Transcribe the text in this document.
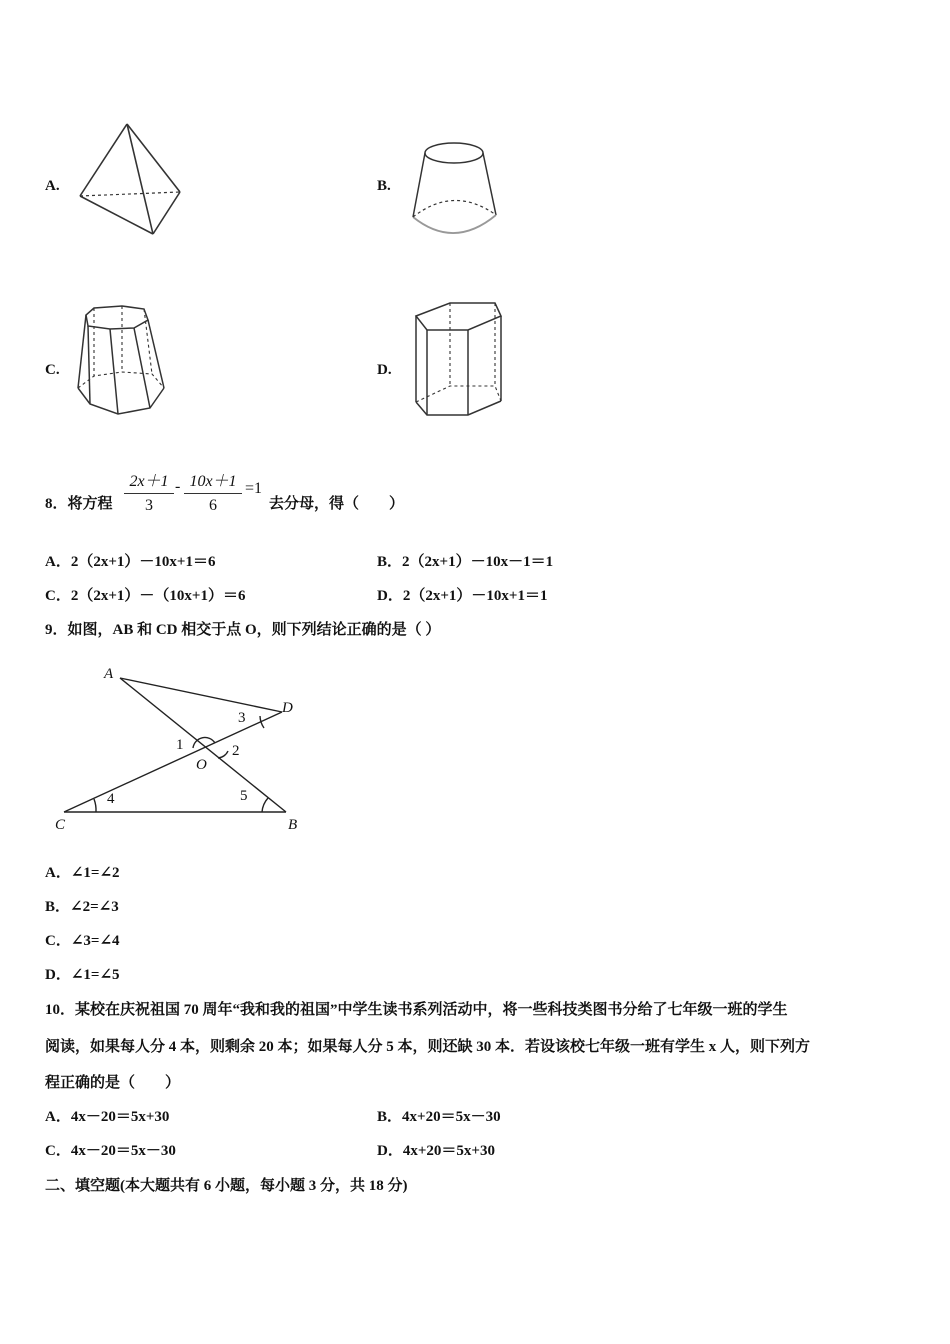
A.	B.
C.	D.
8．将方程
2x＋1
3
- 10x＋1
6
=1
去分母，得（　　）
A．2（2x+1）－10x+1＝6	B．2（2x+1）－10x－1＝1
C．2（2x+1）－（10x+1）＝6	D．2（2x+1）－10x+1＝1
9．如图，AB 和 CD 相交于点 O，则下列结论正确的是（ ）
A
D
O
C	B
1	2
3
4	5
A．∠1=∠2
B．∠2=∠3
C．∠3=∠4
D．∠1=∠5
10．某校在庆祝祖国 70 周年“我和我的祖国”中学生读书系列活动中，将一些科技类图书分给了七年级一班的学生
阅读，如果每人分 4 本，则剩余 20 本；如果每人分 5 本，则还缺 30 本．若设该校七年级一班有学生 x 人，则下列方
程正确的是（　　）
A．4x－20＝5x+30	B．4x+20＝5x－30
C．4x－20＝5x－30	D．4x+20＝5x+30
二、填空题(本大题共有 6 小题，每小题 3 分，共 18 分)
